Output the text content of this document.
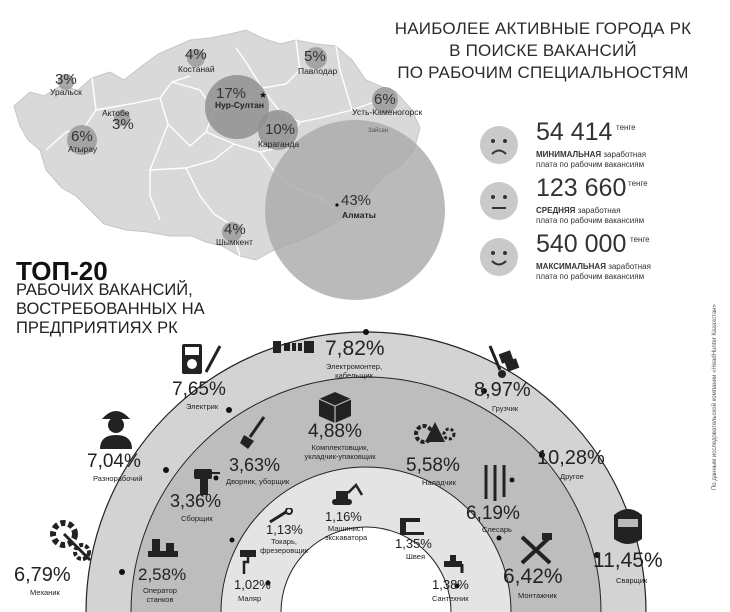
★
4%
Костанай
5%
Павлодар
3%
Уральск	17%
Нур-Султан	6%
Усть-Каменогорск
Актобе
3%
6%
Атырау
10%
Караганда
Зайсан
43%
Алматы
4%
Шымкент
НАИБОЛЕЕ АКТИВНЫЕ ГОРОДА РК
В ПОИСКЕ ВАКАНСИЙ
ПО РАБОЧИМ СПЕЦИАЛЬНОСТЯМ
54 414 тенге
МИНИМАЛЬНАЯ заработная
плата по рабочим вакансиям
123 660 тенге
СРЕДНЯЯ заработная
плата по рабочим вакансиям
540 000 тенге
МАКСИМАЛЬНАЯ заработная
плата по рабочим вакансиям
ТОП-20
РАБОЧИХ ВАКАНСИЙ,
ВОСТРЕБОВАННЫХ НА
ПРЕДПРИЯТИЯХ РК
7,82%
Электромонтер,
кабельщик
7,65%
Электрик
8,97%
Грузчик
7,04%
Разнорабочий
10,28%
Другое
4,88%
Комплектовщик,
укладчик-упаковщик
3,63%
Дворник, уборщик
5,58%
Наладчик
3,36%
Сборщик	6,19%
Слесарь
11,45%
Сварщик
1,16%
Машинист
экскаватора
1,13%
Токарь,
фрезеровщик	1,35%
Швея
6,79%
Механик
2,58%
Оператор
станков
1,02%
Маляр
1,38%
Сантехник
6,42%
Монтажник
По данным исследовательской компании «HeadHunter Казахстан»
